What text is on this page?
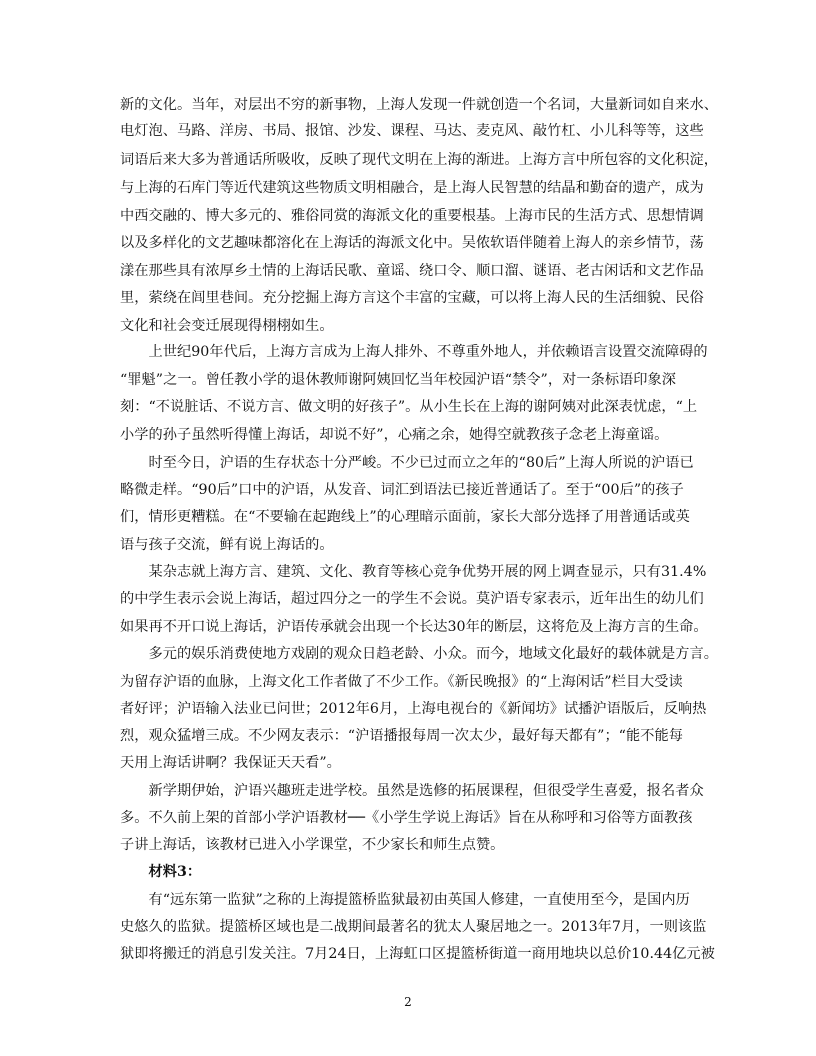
新的文化。当年，对层出不穷的新事物，上海人发现一件就创造一个名词，大量新词如自来水、

电灯泡、马路、洋房、书局、报馆、沙发、课程、马达、麦克风、敲竹杠、小儿科等等，这些

词语后来大多为普通话所吸收，反映了现代文明在上海的渐进。上海方言中所包容的文化积淀，

与上海的石库门等近代建筑这些物质文明相融合，是上海人民智慧的结晶和勤奋的遗产，成为

中西交融的、博大多元的、雅俗同赏的海派文化的重要根基。上海市民的生活方式、思想情调

以及多样化的文艺趣味都溶化在上海话的海派文化中。吴侬软语伴随着上海人的亲乡情节，荡

漾在那些具有浓厚乡土情的上海话民歌、童谣、绕口令、顺口溜、谜语、老古闲话和文艺作品

里，萦绕在闾里巷间。充分挖掘上海方言这个丰富的宝藏，可以将上海人民的生活细貌、民俗

文化和社会变迁展现得栩栩如生。

　　上世纪90年代后，上海方言成为上海人排外、不尊重外地人，并依赖语言设置交流障碍的

“罪魁”之一。曾任教小学的退休教师谢阿姨回忆当年校园沪语“禁令”，对一条标语印象深

刻：“不说脏话、不说方言、做文明的好孩子”。从小生长在上海的谢阿姨对此深表忧虑，“上

小学的孙子虽然听得懂上海话，却说不好”，心痛之余，她得空就教孩子念老上海童谣。

　　时至今日，沪语的生存状态十分严峻。不少已过而立之年的“80后”上海人所说的沪语已

略微走样。“90后”口中的沪语，从发音、词汇到语法已接近普通话了。至于“00后”的孩子

们，情形更糟糕。在“不要输在起跑线上”的心理暗示面前，家长大部分选择了用普通话或英

语与孩子交流，鲜有说上海话的。

　　某杂志就上海方言、建筑、文化、教育等核心竞争优势开展的网上调查显示，只有31.4%

的中学生表示会说上海话，超过四分之一的学生不会说。莫沪语专家表示，近年出生的幼儿们

如果再不开口说上海话，沪语传承就会出现一个长达30年的断层，这将危及上海方言的生命。

　　多元的娱乐消费使地方戏剧的观众日趋老龄、小众。而今，地域文化最好的载体就是方言。

为留存沪语的血脉，上海文化工作者做了不少工作。《新民晚报》的“上海闲话”栏目大受读

者好评；沪语输入法业已问世；2012年6月，上海电视台的《新闻坊》试播沪语版后，反响热

烈，观众猛增三成。不少网友表示：“沪语播报每周一次太少，最好每天都有”；“能不能每

天用上海话讲啊？我保证天天看”。

　　新学期伊始，沪语兴趣班走进学校。虽然是选修的拓展课程，但很受学生喜爱，报名者众

多。不久前上架的首部小学沪语教材──《小学生学说上海话》旨在从称呼和习俗等方面教孩

子讲上海话，该教材已进入小学课堂，不少家长和师生点赞。

　　材料3：

　　有“远东第一监狱”之称的上海提篮桥监狱最初由英国人修建，一直使用至今，是国内历

史悠久的监狱。提篮桥区域也是二战期间最著名的犹太人聚居地之一。2013年7月，一则该监

狱即将搬迁的消息引发关注。7月24日，上海虹口区提篮桥街道一商用地块以总价10.44亿元被

2
